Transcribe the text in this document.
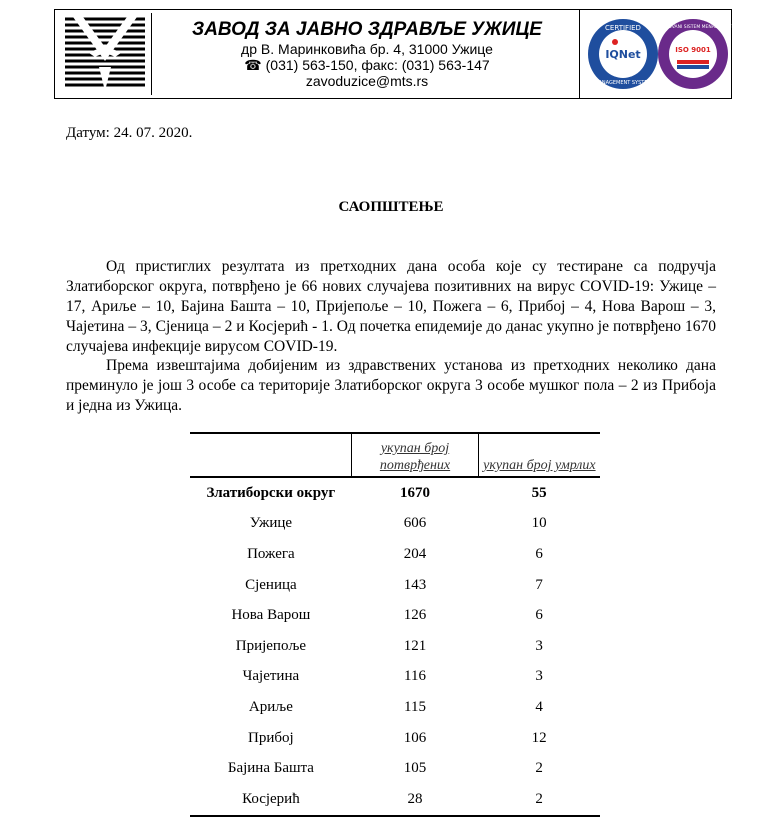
ЗАВОД ЗА ЈАВНО ЗДРАВЉЕ УЖИЦЕ
др В. Маринковића бр. 4, 31000 Ужице
☎ (031) 563-150, факс: (031) 563-147
zavoduzice@mts.rs
CERTIFIED
IQNet
MANAGEMENT SYSTEM
SERTIFIKOVANI SISTEM MENADZMENTA
ISO 9001
Датум: 24. 07. 2020.
САОПШТЕЊЕ

Од пристиглих резултата из претходних дана особа које су тестиране са подручја Златиборског округа, потврђено је 66 нових случајева позитивних на вирус COVID-19: Ужице – 17, Ариље – 10, Бајина Башта – 10, Пријепоље – 10, Пожега – 6, Прибој – 4, Нова Варош – 3, Чајетина – 3, Сјеница – 2 и Косјерић - 1. Од почетка епидемије до данас укупно је потврђено 1670 случајева инфекције вирусом COVID-19.

Према извештајима добијеним из здравствених установа из претходних неколико дана преминуло је још 3 особе са територије Златиборског округа 3 особе мушког пола – 2 из Прибоја и једна из Ужица.

	укупан број потврђених	укупан број умрлих
Златиборски округ	1670	55
Ужице	606	10
Пожега	204	6
Сјеница	143	7
Нова Варош	126	6
Пријепоље	121	3
Чајетина	116	3
Ариље	115	4
Прибој	106	12
Бајина Башта	105	2
Косјерић	28	2
